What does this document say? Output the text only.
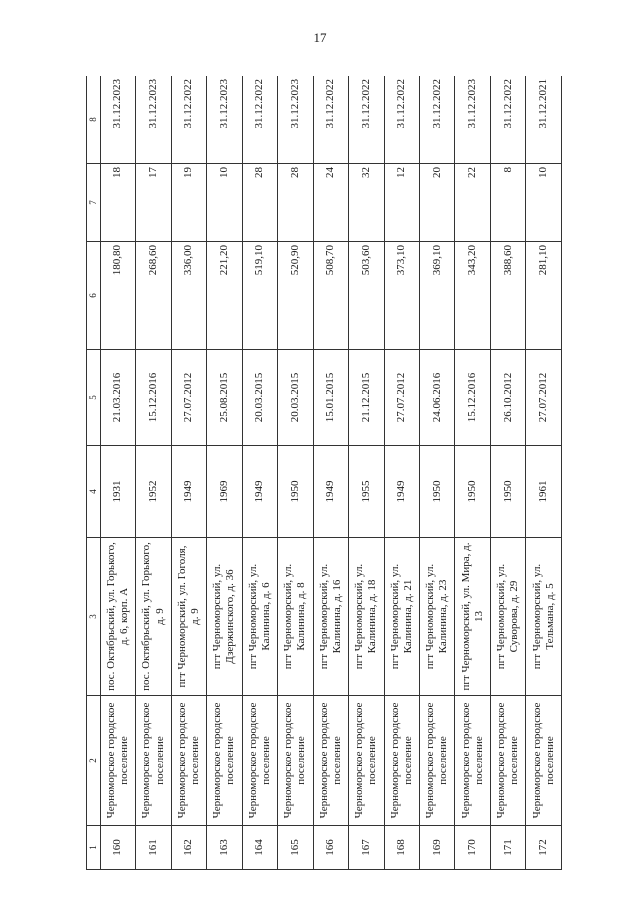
17
1	2	3	4	5	6	7	8
160	Черноморское городское поселение	пос. Октябрьский, ул. Горького, д. 6, корп. А	1931	21.03.2016	180,80	18	31.12.2023
161	Черноморское городское поселение	пос. Октябрьский, ул. Горького, д. 9	1952	15.12.2016	268,60	17	31.12.2023
162	Черноморское городское поселение	пгт Черноморский, ул. Гоголя, д. 9	1949	27.07.2012	336,00	19	31.12.2022
163	Черноморское городское поселение	пгт Черноморский, ул. Дзержинского, д. 36	1969	25.08.2015	221,20	10	31.12.2023
164	Черноморское городское поселение	пгт Черноморский, ул. Калинина, д. 6	1949	20.03.2015	519,10	28	31.12.2022
165	Черноморское городское поселение	пгт Черноморский, ул. Калинина, д. 8	1950	20.03.2015	520,90	28	31.12.2023
166	Черноморское городское поселение	пгт Черноморский, ул. Калинина, д. 16	1949	15.01.2015	508,70	24	31.12.2022
167	Черноморское городское поселение	пгт Черноморский, ул. Калинина, д. 18	1955	21.12.2015	503,60	32	31.12.2022
168	Черноморское городское поселение	пгт Черноморский, ул. Калинина, д. 21	1949	27.07.2012	373,10	12	31.12.2022
169	Черноморское городское поселение	пгт Черноморский, ул. Калинина, д. 23	1950	24.06.2016	369,10	20	31.12.2022
170	Черноморское городское поселение	пгт Черноморский, ул. Мира, д. 13	1950	15.12.2016	343,20	22	31.12.2023
171	Черноморское городское поселение	пгт Черноморский, ул. Суворова, д. 29	1950	26.10.2012	388,60	8	31.12.2022
172	Черноморское городское поселение	пгт Черноморский, ул. Тельмана, д. 5	1961	27.07.2012	281,10	10	31.12.2021
